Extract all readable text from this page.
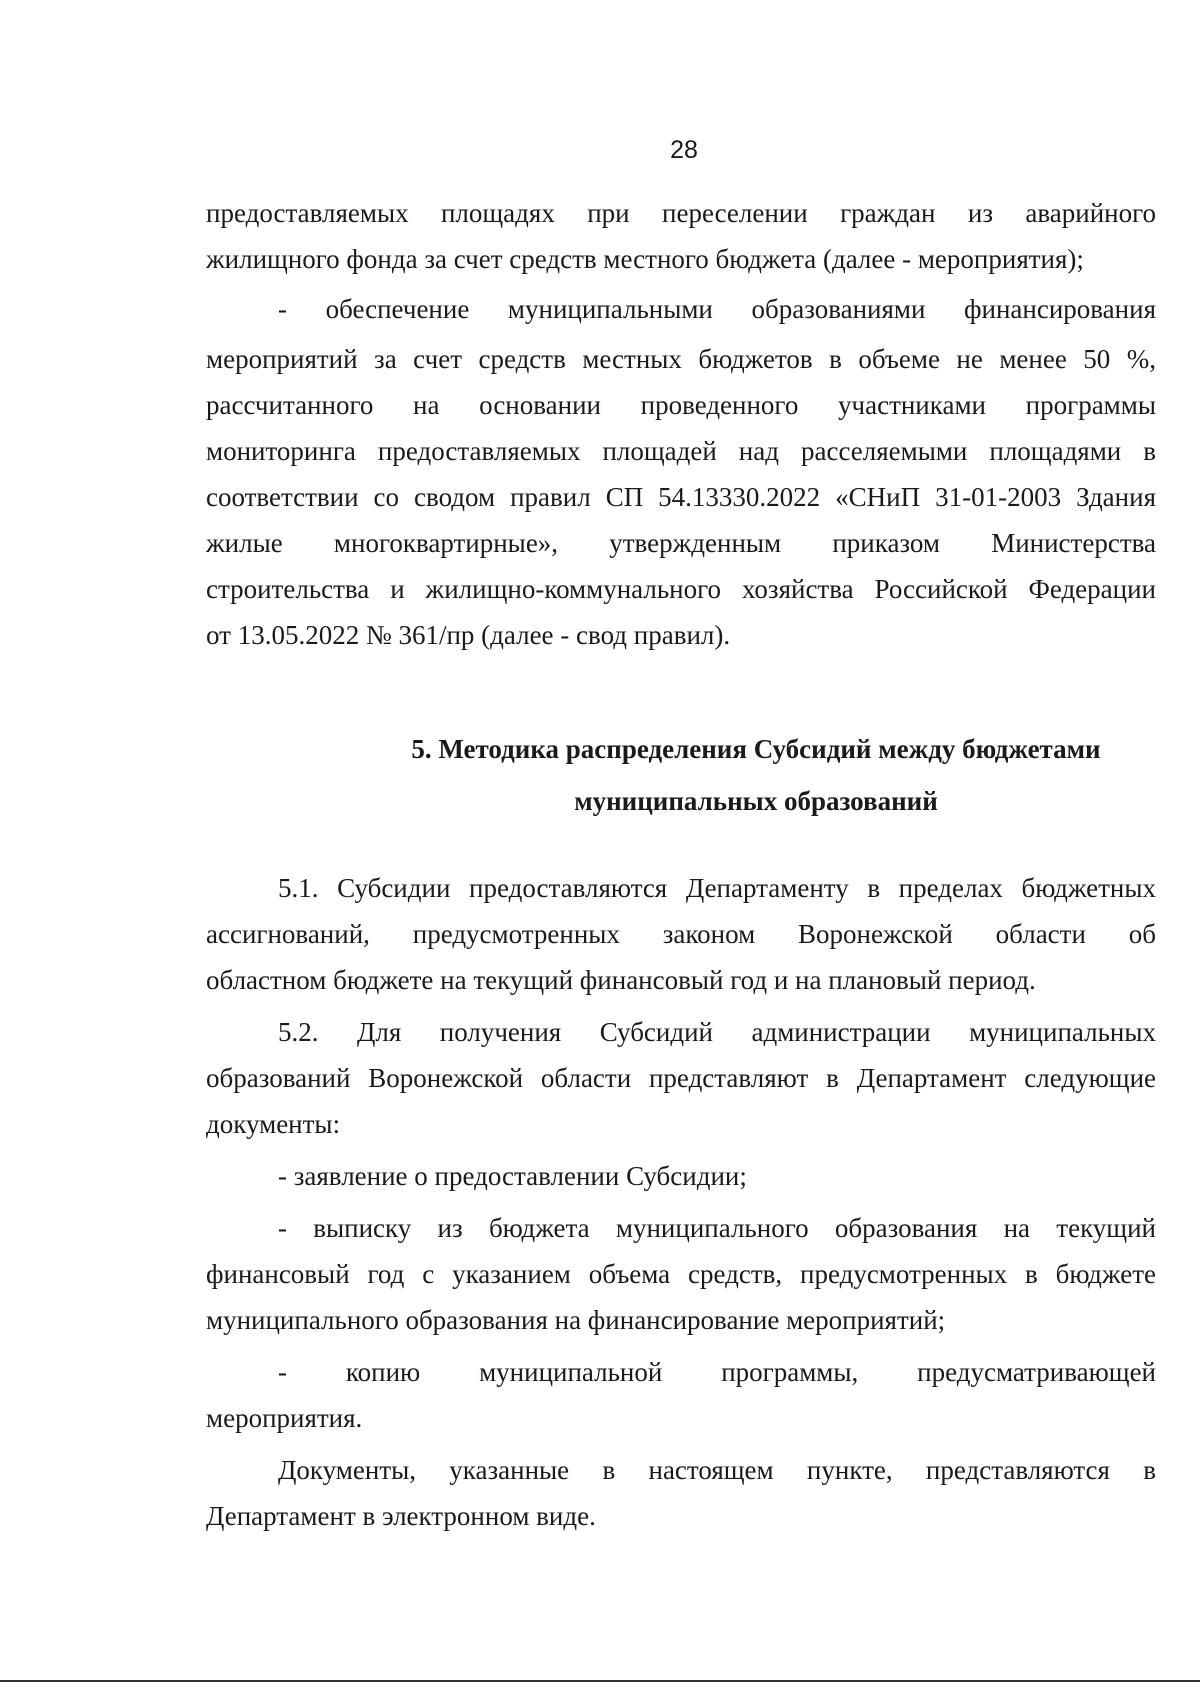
28
предоставляемых площадях при переселении граждан из аварийного
жилищного фонда за счет средств местного бюджета (далее - мероприятия);
- обеспечение муниципальными образованиями финансирования
мероприятий за счет средств местных бюджетов в объеме не менее 50 %,
рассчитанного на основании проведенного участниками программы
мониторинга предоставляемых площадей над расселяемыми площадями в
соответствии со сводом правил СП 54.13330.2022 «СНиП 31-01-2003 Здания
жилые многоквартирные», утвержденным приказом Министерства
строительства и жилищно-коммунального хозяйства Российской Федерации
от 13.05.2022 № 361/пр (далее - свод правил).
5. Методика распределения Субсидий между бюджетами
муниципальных образований
5.1. Субсидии предоставляются Департаменту в пределах бюджетных
ассигнований, предусмотренных законом Воронежской области об
областном бюджете на текущий финансовый год и на плановый период.
5.2. Для получения Субсидий администрации муниципальных
образований Воронежской области представляют в Департамент следующие
документы:
- заявление о предоставлении Субсидии;
- выписку из бюджета муниципального образования на текущий
финансовый год с указанием объема средств, предусмотренных в бюджете
муниципального образования на финансирование мероприятий;
- копию муниципальной программы, предусматривающей
мероприятия.
Документы, указанные в настоящем пункте, представляются в
Департамент в электронном виде.
